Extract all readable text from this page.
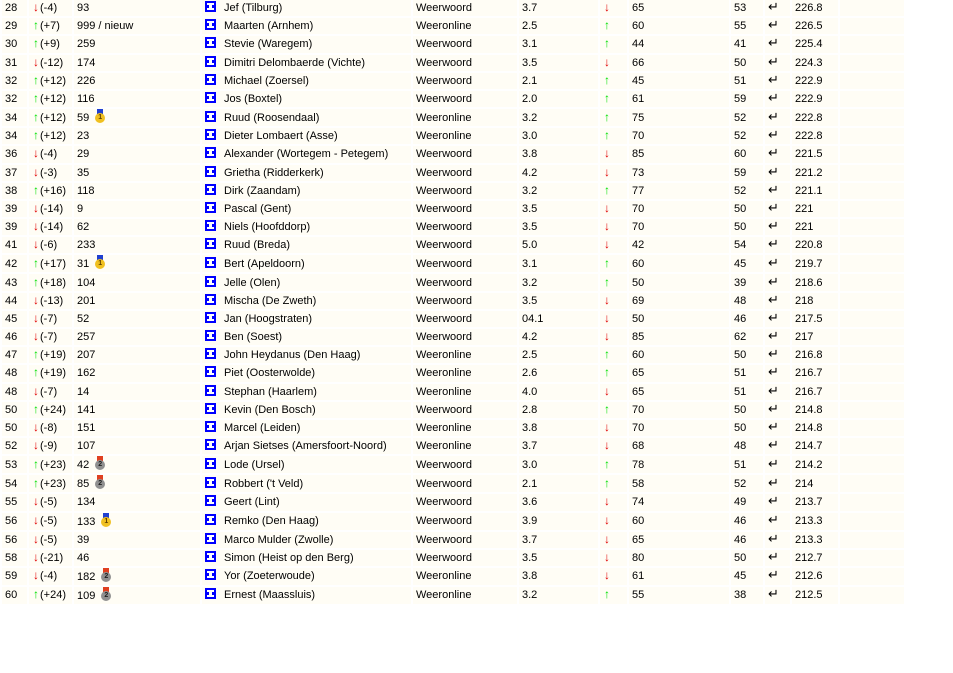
28	↓(-4)	93	Jef (Tilburg)	Weerwoord	3.7	↓	65	53	↵	226.8	
29	↑(+7)	999 / nieuw	Maarten (Arnhem)	Weeronline	2.5	↑	60	55	↵	226.5	
30	↑(+9)	259	Stevie (Waregem)	Weerwoord	3.1	↑	44	41	↵	225.4	
31	↓(-12)	174	Dimitri Delombaerde (Vichte)	Weerwoord	3.5	↓	66	50	↵	224.3	
32	↑(+12)	226	Michael (Zoersel)	Weerwoord	2.1	↑	45	51	↵	222.9	
32	↑(+12)	116	Jos (Boxtel)	Weerwoord	2.0	↑	61	59	↵	222.9	
34	↑(+12)	59 1	Ruud (Roosendaal)	Weeronline	3.2	↑	75	52	↵	222.8	
34	↑(+12)	23	Dieter Lombaert (Asse)	Weeronline	3.0	↑	70	52	↵	222.8	
36	↓(-4)	29	Alexander (Wortegem - Petegem)	Weerwoord	3.8	↓	85	60	↵	221.5	
37	↓(-3)	35	Grietha (Ridderkerk)	Weerwoord	4.2	↓	73	59	↵	221.2	
38	↑(+16)	118	Dirk (Zaandam)	Weerwoord	3.2	↑	77	52	↵	221.1	
39	↓(-14)	9	Pascal (Gent)	Weerwoord	3.5	↓	70	50	↵	221	
39	↓(-14)	62	Niels (Hoofddorp)	Weerwoord	3.5	↓	70	50	↵	221	
41	↓(-6)	233	Ruud (Breda)	Weerwoord	5.0	↓	42	54	↵	220.8	
42	↑(+17)	31 1	Bert (Apeldoorn)	Weerwoord	3.1	↑	60	45	↵	219.7	
43	↑(+18)	104	Jelle (Olen)	Weerwoord	3.2	↑	50	39	↵	218.6	
44	↓(-13)	201	Mischa (De Zweth)	Weerwoord	3.5	↓	69	48	↵	218	
45	↓(-7)	52	Jan (Hoogstraten)	Weerwoord	04.1	↓	50	46	↵	217.5	
46	↓(-7)	257	Ben (Soest)	Weerwoord	4.2	↓	85	62	↵	217	
47	↑(+19)	207	John Heydanus (Den Haag)	Weeronline	2.5	↑	60	50	↵	216.8	
48	↑(+19)	162	Piet (Oosterwolde)	Weeronline	2.6	↑	65	51	↵	216.7	
48	↓(-7)	14	Stephan (Haarlem)	Weeronline	4.0	↓	65	51	↵	216.7	
50	↑(+24)	141	Kevin (Den Bosch)	Weerwoord	2.8	↑	70	50	↵	214.8	
50	↓(-8)	151	Marcel (Leiden)	Weeronline	3.8	↓	70	50	↵	214.8	
52	↓(-9)	107	Arjan Sietses (Amersfoort-Noord)	Weeronline	3.7	↓	68	48	↵	214.7	
53	↑(+23)	42 2	Lode (Ursel)	Weerwoord	3.0	↑	78	51	↵	214.2	
54	↑(+23)	85 2	Robbert ('t Veld)	Weerwoord	2.1	↑	58	52	↵	214	
55	↓(-5)	134	Geert (Lint)	Weerwoord	3.6	↓	74	49	↵	213.7	
56	↓(-5)	133 1	Remko (Den Haag)	Weerwoord	3.9	↓	60	46	↵	213.3	
56	↓(-5)	39	Marco Mulder (Zwolle)	Weerwoord	3.7	↓	65	46	↵	213.3	
58	↓(-21)	46	Simon (Heist op den Berg)	Weerwoord	3.5	↓	80	50	↵	212.7	
59	↓(-4)	182 2	Yor (Zoeterwoude)	Weeronline	3.8	↓	61	45	↵	212.6	
60	↑(+24)	109 2	Ernest (Maassluis)	Weeronline	3.2	↑	55	38	↵	212.5	
